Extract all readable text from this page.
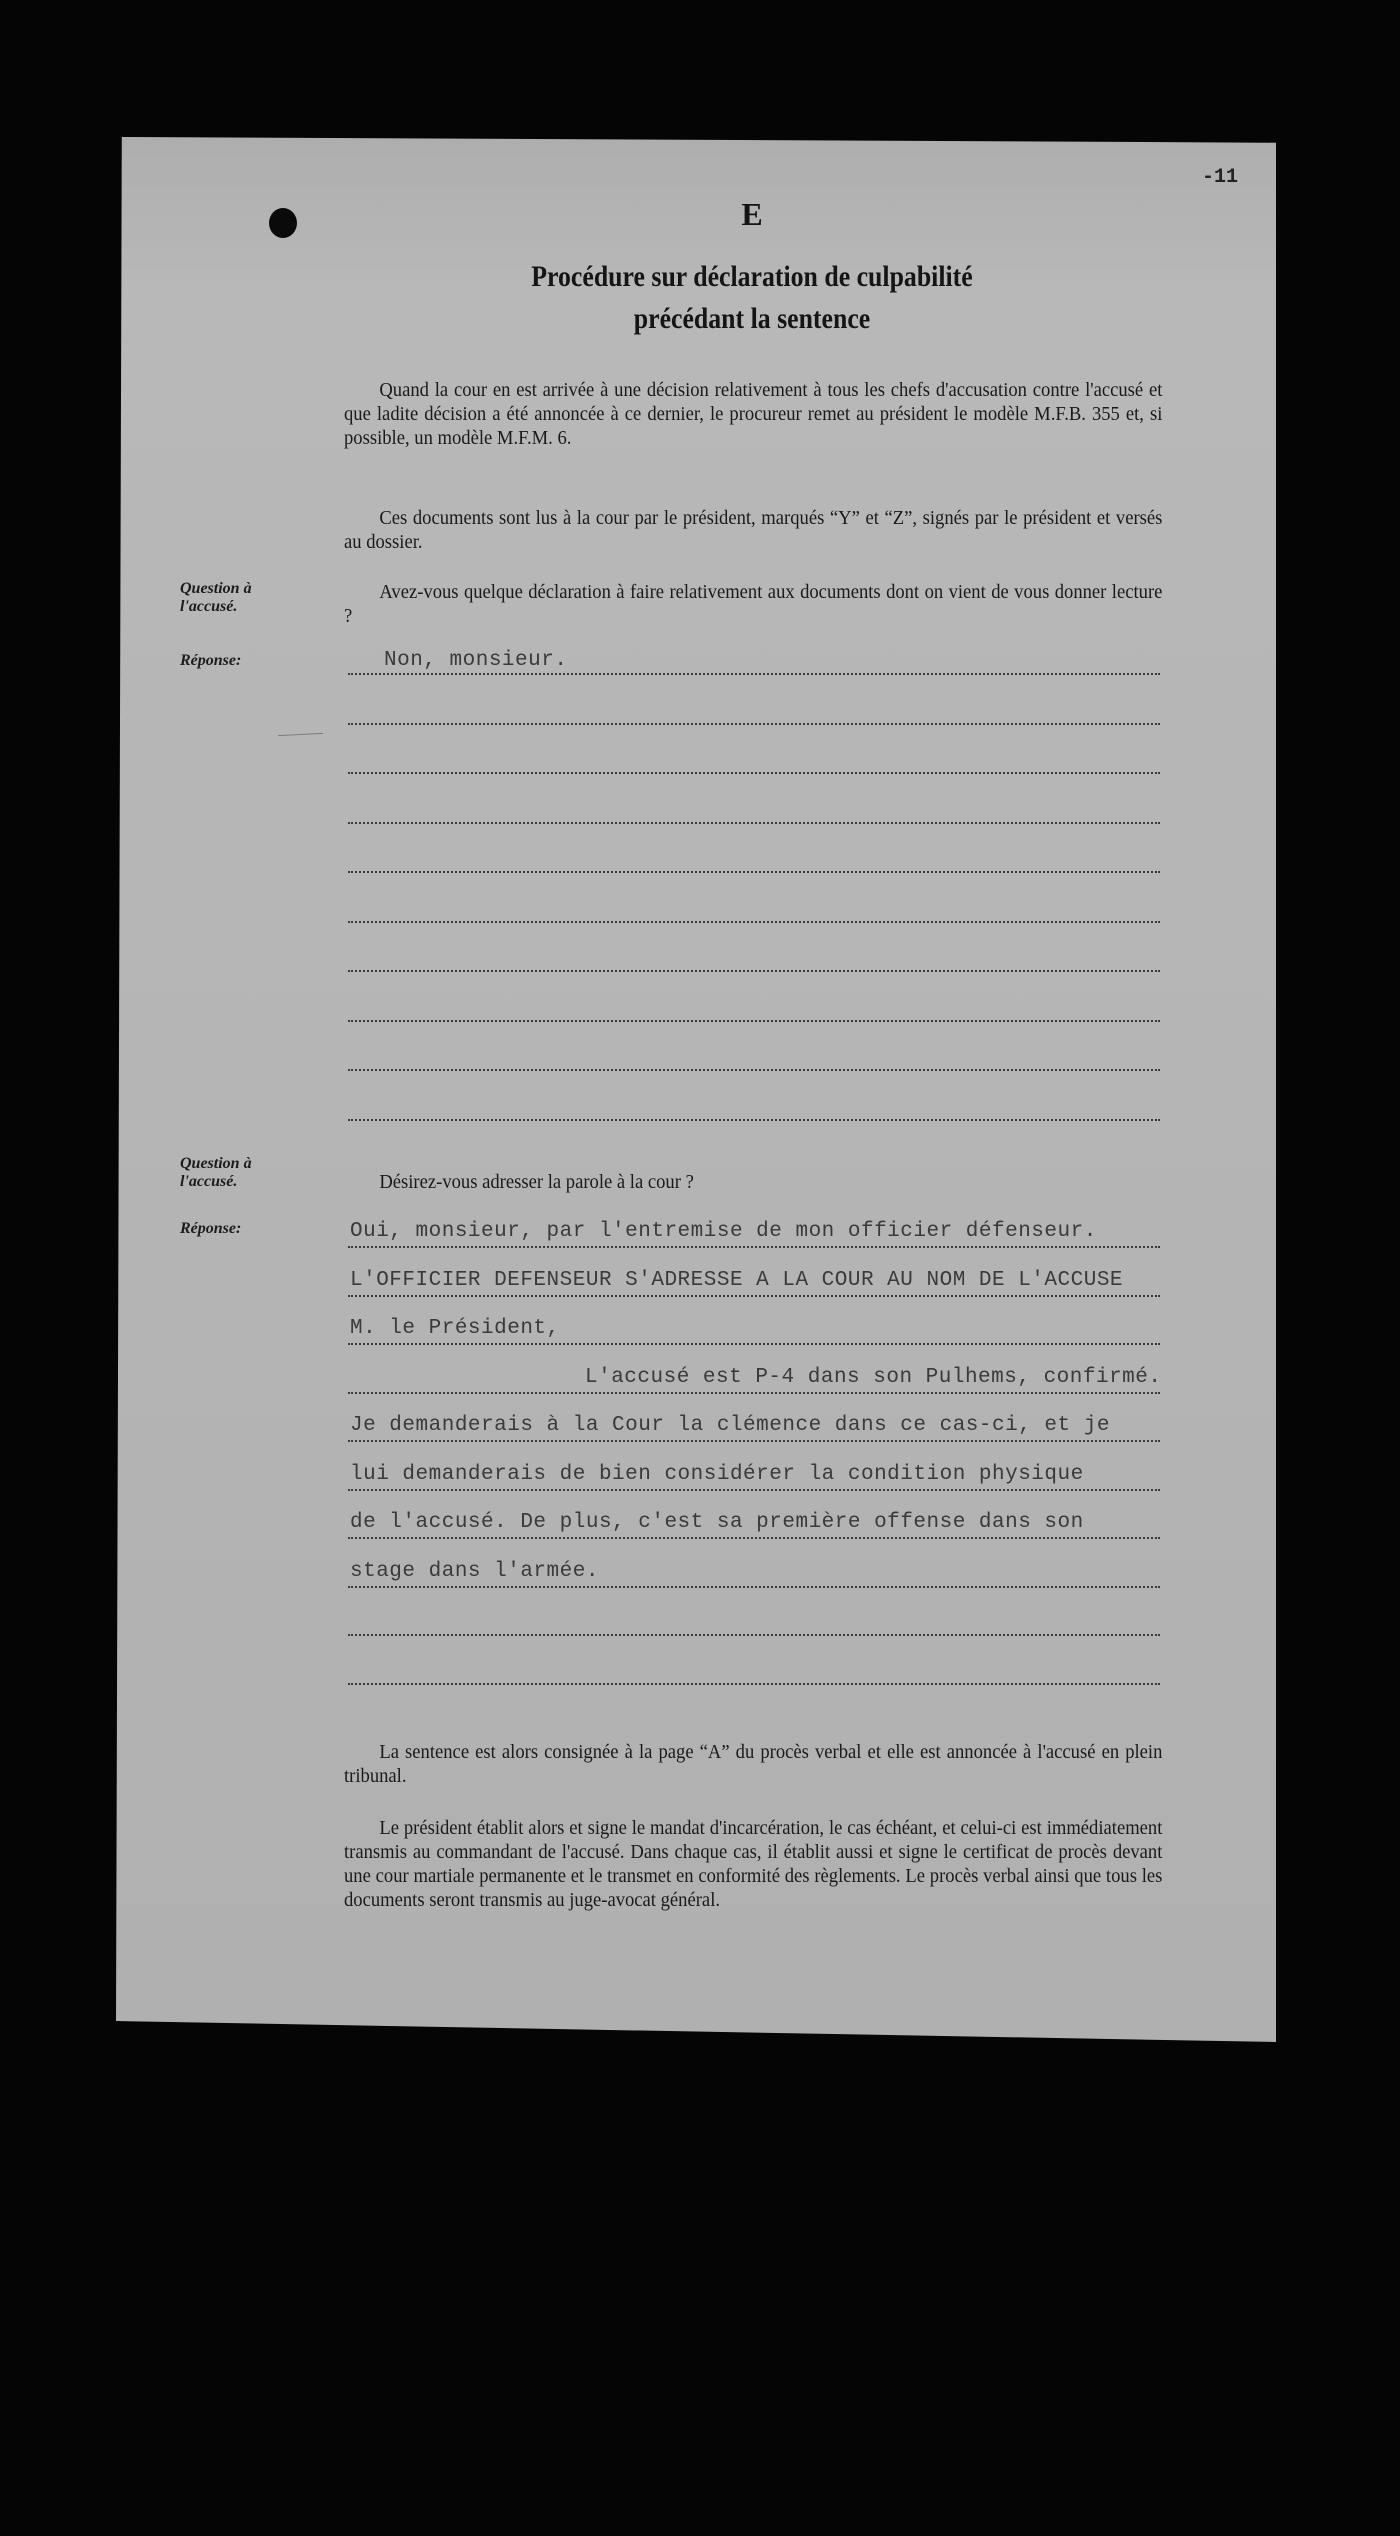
-11
E
Procédure sur déclaration de culpabilité
précédant la sentence
Quand la cour en est arrivée à une décision relativement à tous les chefs d'accusation contre l'accusé et que ladite décision a été annoncée à ce dernier, le procureur remet au président le modèle M.F.B. 355 et, si possible, un modèle M.F.M. 6.
Ces documents sont lus à la cour par le président, marqués “Y” et “Z”, signés par le président et versés au dossier.
Question à l'accusé.
Avez-vous quelque déclaration à faire relativement aux documents dont on vient de vous donner lecture ?
Réponse:	Non, monsieur.
Question à l'accusé.	Désirez-vous adresser la parole à la cour ?
Réponse:	Oui, monsieur, par l'entremise de mon officier défenseur.
L'OFFICIER DEFENSEUR S'ADRESSE A LA COUR AU NOM DE L'ACCUSE
M. le Président,
L'accusé est P-4 dans son Pulhems, confirmé.
Je demanderais à la Cour la clémence dans ce cas-ci, et je
lui demanderais de bien considérer la condition physique
de l'accusé. De plus, c'est sa première offense dans son
stage dans l'armée.
La sentence est alors consignée à la page “A” du procès verbal et elle est annoncée à l'accusé en plein tribunal.
Le président établit alors et signe le mandat d'incarcération, le cas échéant, et celui-ci est immédiatement transmis au commandant de l'accusé. Dans chaque cas, il établit aussi et signe le certificat de procès devant une cour martiale permanente et le transmet en conformité des règlements. Le procès verbal ainsi que tous les documents seront transmis au juge-avocat général.
